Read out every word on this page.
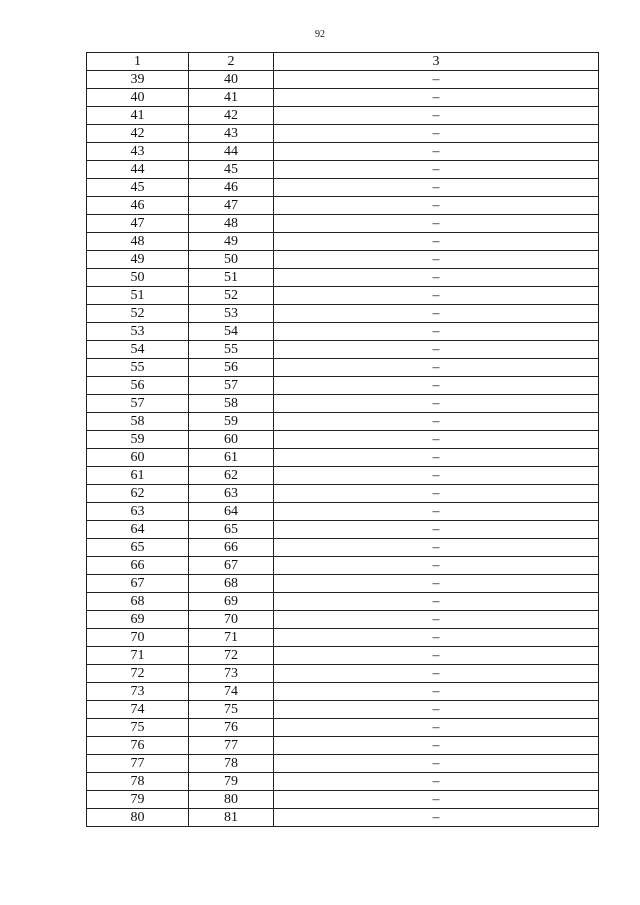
92
1	2	3
39	40	–
40	41	–
41	42	–
42	43	–
43	44	–
44	45	–
45	46	–
46	47	–
47	48	–
48	49	–
49	50	–
50	51	–
51	52	–
52	53	–
53	54	–
54	55	–
55	56	–
56	57	–
57	58	–
58	59	–
59	60	–
60	61	–
61	62	–
62	63	–
63	64	–
64	65	–
65	66	–
66	67	–
67	68	–
68	69	–
69	70	–
70	71	–
71	72	–
72	73	–
73	74	–
74	75	–
75	76	–
76	77	–
77	78	–
78	79	–
79	80	–
80	81	–
